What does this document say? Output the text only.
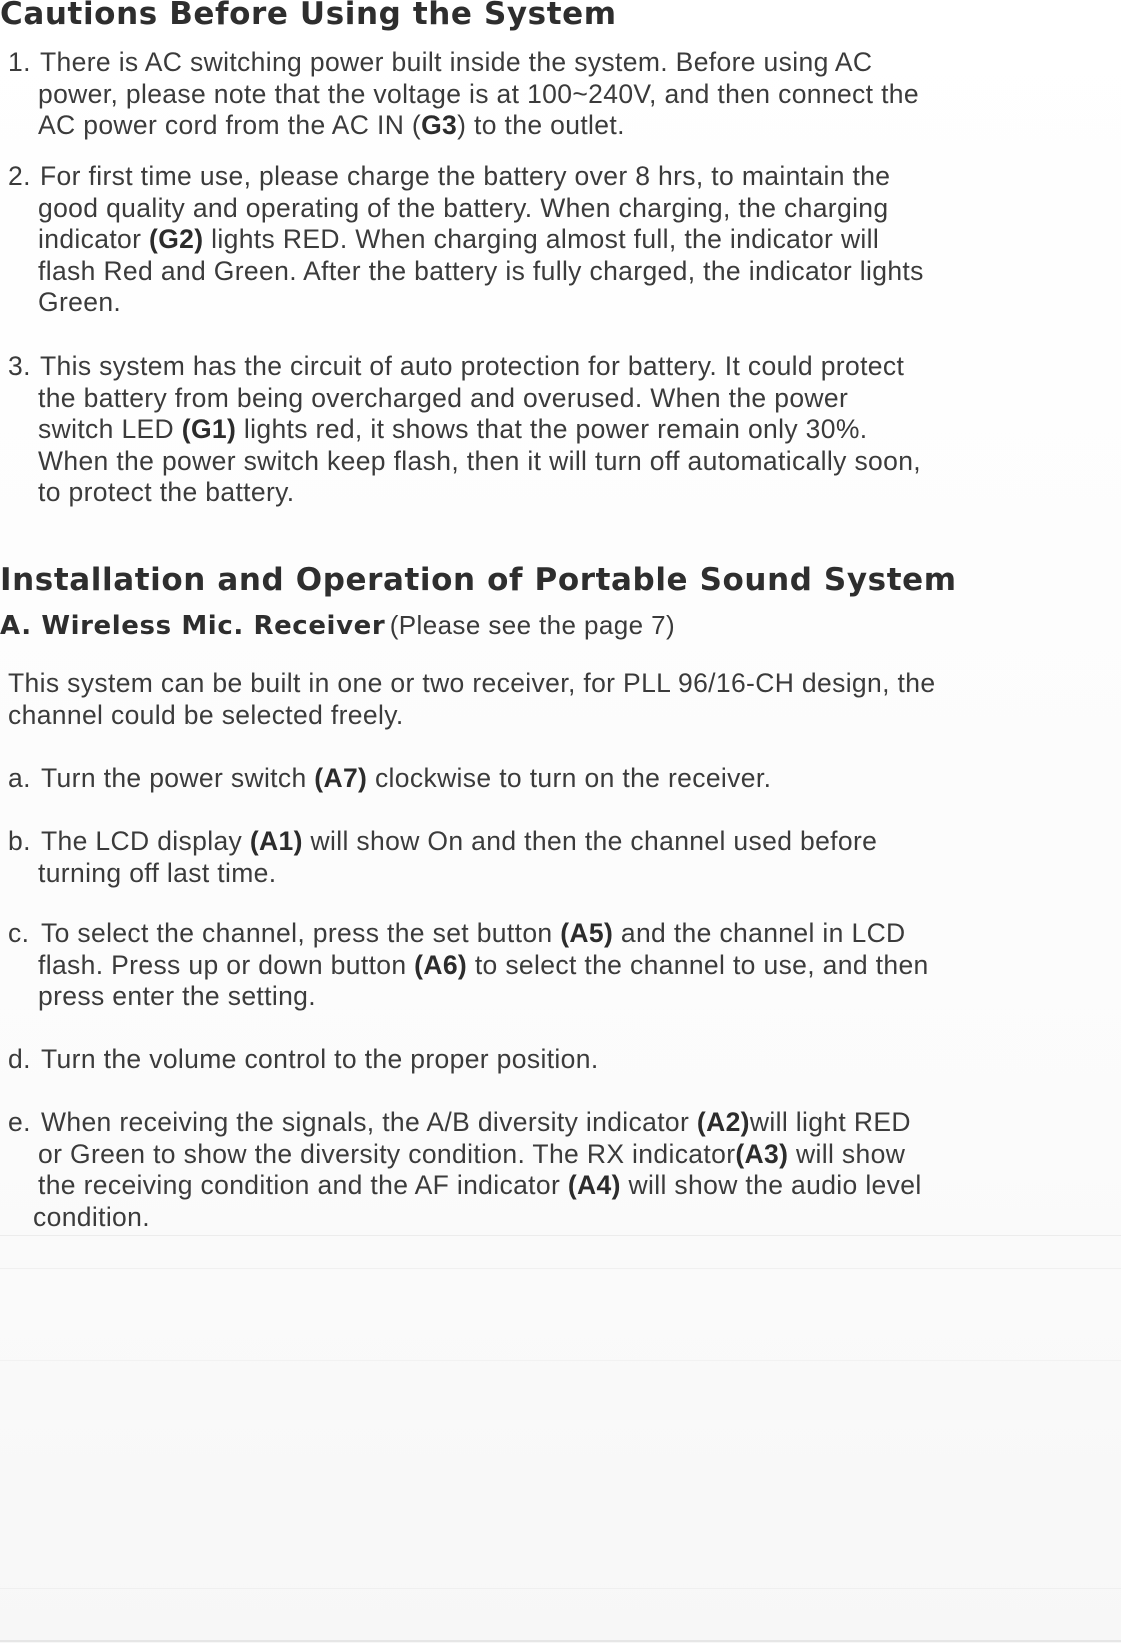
Cautions Before Using the System
1. There is AC switching power built inside the system. Before using AC
power, please note that the voltage is at 100~240V, and then connect the
AC power cord from the AC IN (G3) to the outlet.
2. For first time use, please charge the battery over 8 hrs, to maintain the
good quality and operating of the battery. When charging, the charging
indicator (G2) lights RED. When charging almost full, the indicator will
flash Red and Green. After the battery is fully charged, the indicator lights
Green.
3. This system has the circuit of auto protection for battery. It could protect
the battery from being overcharged and overused. When the power
switch LED (G1) lights red, it shows that the power remain only 30%.
When the power switch keep flash, then it will turn off automatically soon,
to protect the battery.
Installation and Operation of Portable Sound System
A. Wireless Mic. Receiver (Please see the page 7)
This system can be built in one or two receiver, for PLL 96/16-CH design, the
channel could be selected freely.
a. Turn the power switch (A7) clockwise to turn on the receiver.
b. The LCD display (A1) will show On and then the channel used before
turning off last time.
c. To select the channel, press the set button (A5) and the channel in LCD
flash. Press up or down button (A6) to select the channel to use, and then
press enter the setting.
d. Turn the volume control to the proper position.
e. When receiving the signals, the A/B diversity indicator (A2)will light RED
or Green to show the diversity condition. The RX indicator(A3) will show
the receiving condition and the AF indicator (A4) will show the audio level
condition.
